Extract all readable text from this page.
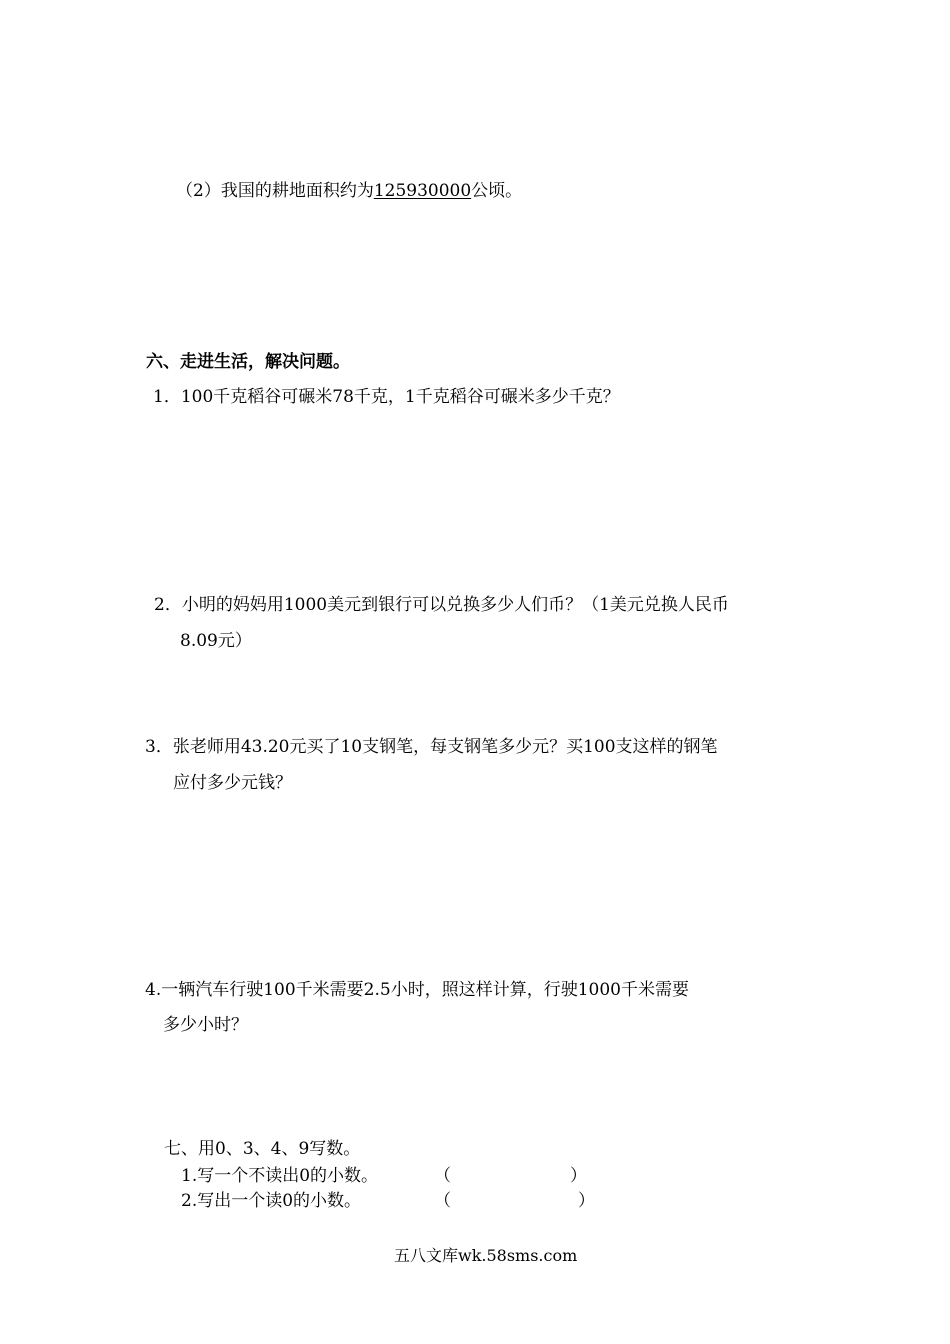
（2）我国的耕地面积约为125930000公顷。
六、走进生活，解决问题。
1．100千克稻谷可碾米78千克，1千克稻谷可碾米多少千克？
2．小明的妈妈用1000美元到银行可以兑换多少人们币？（1美元兑换人民币
8.09元）
3．张老师用43.20元买了10支钢笔，每支钢笔多少元？买100支这样的钢笔
应付多少元钱？
4.一辆汽车行驶100千米需要2.5小时，照这样计算，行驶1000千米需要
多少小时？
七、用0、3、4、9写数。
1.写一个不读出0的小数。	（	）
2.写出一个读0的小数。	（	）
五八文库wk.58sms.com
